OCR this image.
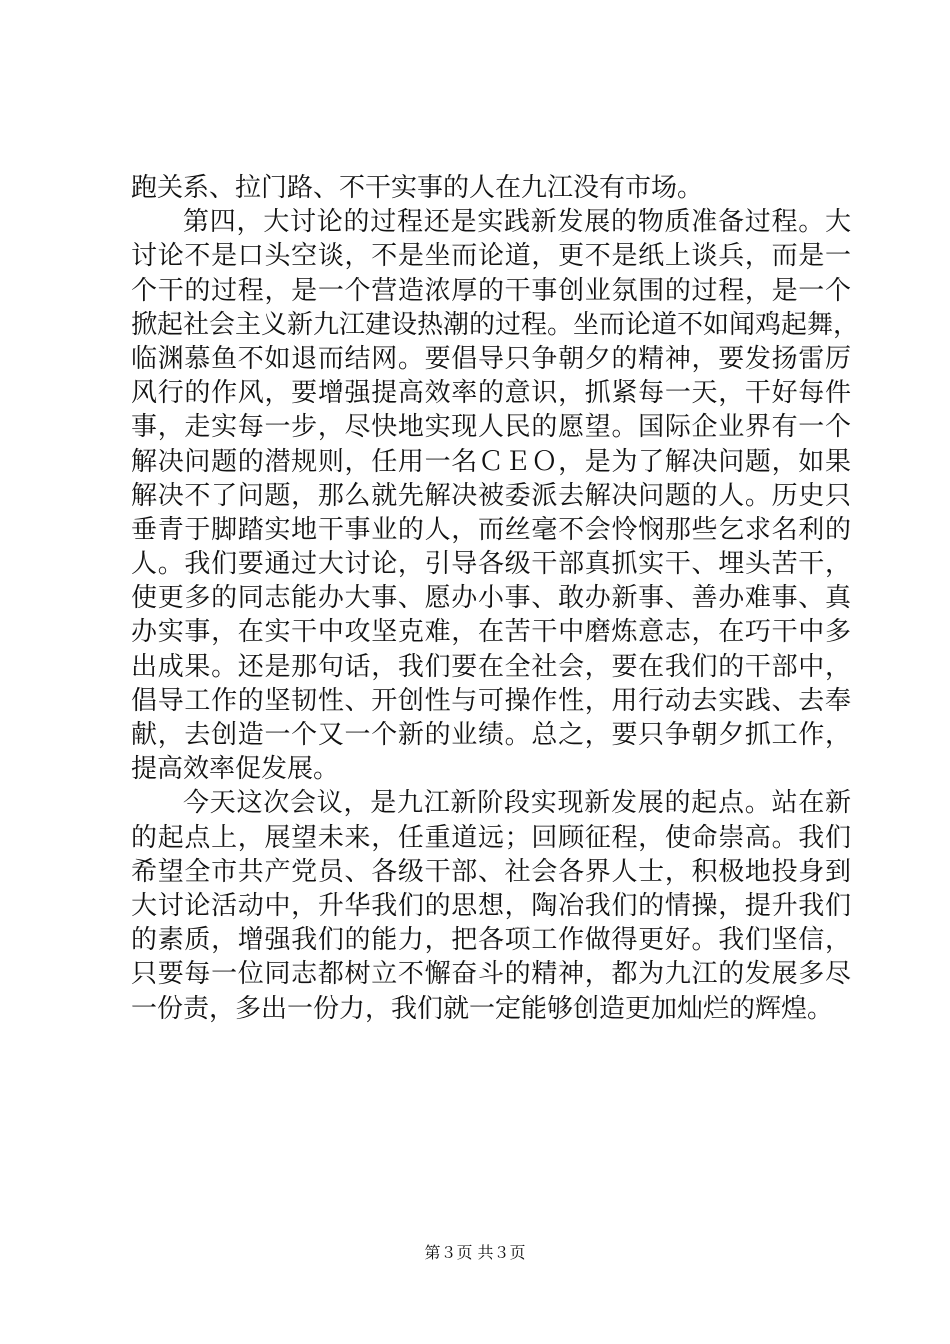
跑关系、拉门路、不干实事的人在九江没有市场。
第四，大讨论的过程还是实践新发展的物质准备过程。大
讨论不是口头空谈，不是坐而论道，更不是纸上谈兵，而是一
个干的过程，是一个营造浓厚的干事创业氛围的过程，是一个
掀起社会主义新九江建设热潮的过程。坐而论道不如闻鸡起舞，
临渊慕鱼不如退而结网。要倡导只争朝夕的精神，要发扬雷厉
风行的作风，要增强提高效率的意识，抓紧每一天，干好每件
事，走实每一步，尽快地实现人民的愿望。国际企业界有一个
解决问题的潜规则，任用一名ＣＥＯ，是为了解决问题，如果
解决不了问题，那么就先解决被委派去解决问题的人。历史只
垂青于脚踏实地干事业的人，而丝毫不会怜悯那些乞求名利的
人。我们要通过大讨论，引导各级干部真抓实干、埋头苦干，
使更多的同志能办大事、愿办小事、敢办新事、善办难事、真
办实事，在实干中攻坚克难，在苦干中磨炼意志，在巧干中多
出成果。还是那句话，我们要在全社会，要在我们的干部中，
倡导工作的坚韧性、开创性与可操作性，用行动去实践、去奉
献，去创造一个又一个新的业绩。总之，要只争朝夕抓工作，
提高效率促发展。
今天这次会议，是九江新阶段实现新发展的起点。站在新
的起点上，展望未来，任重道远；回顾征程，使命崇高。我们
希望全市共产党员、各级干部、社会各界人士，积极地投身到
大讨论活动中，升华我们的思想，陶冶我们的情操，提升我们
的素质，增强我们的能力，把各项工作做得更好。我们坚信，
只要每一位同志都树立不懈奋斗的精神，都为九江的发展多尽
一份责，多出一份力，我们就一定能够创造更加灿烂的辉煌。
第３页 共３页
